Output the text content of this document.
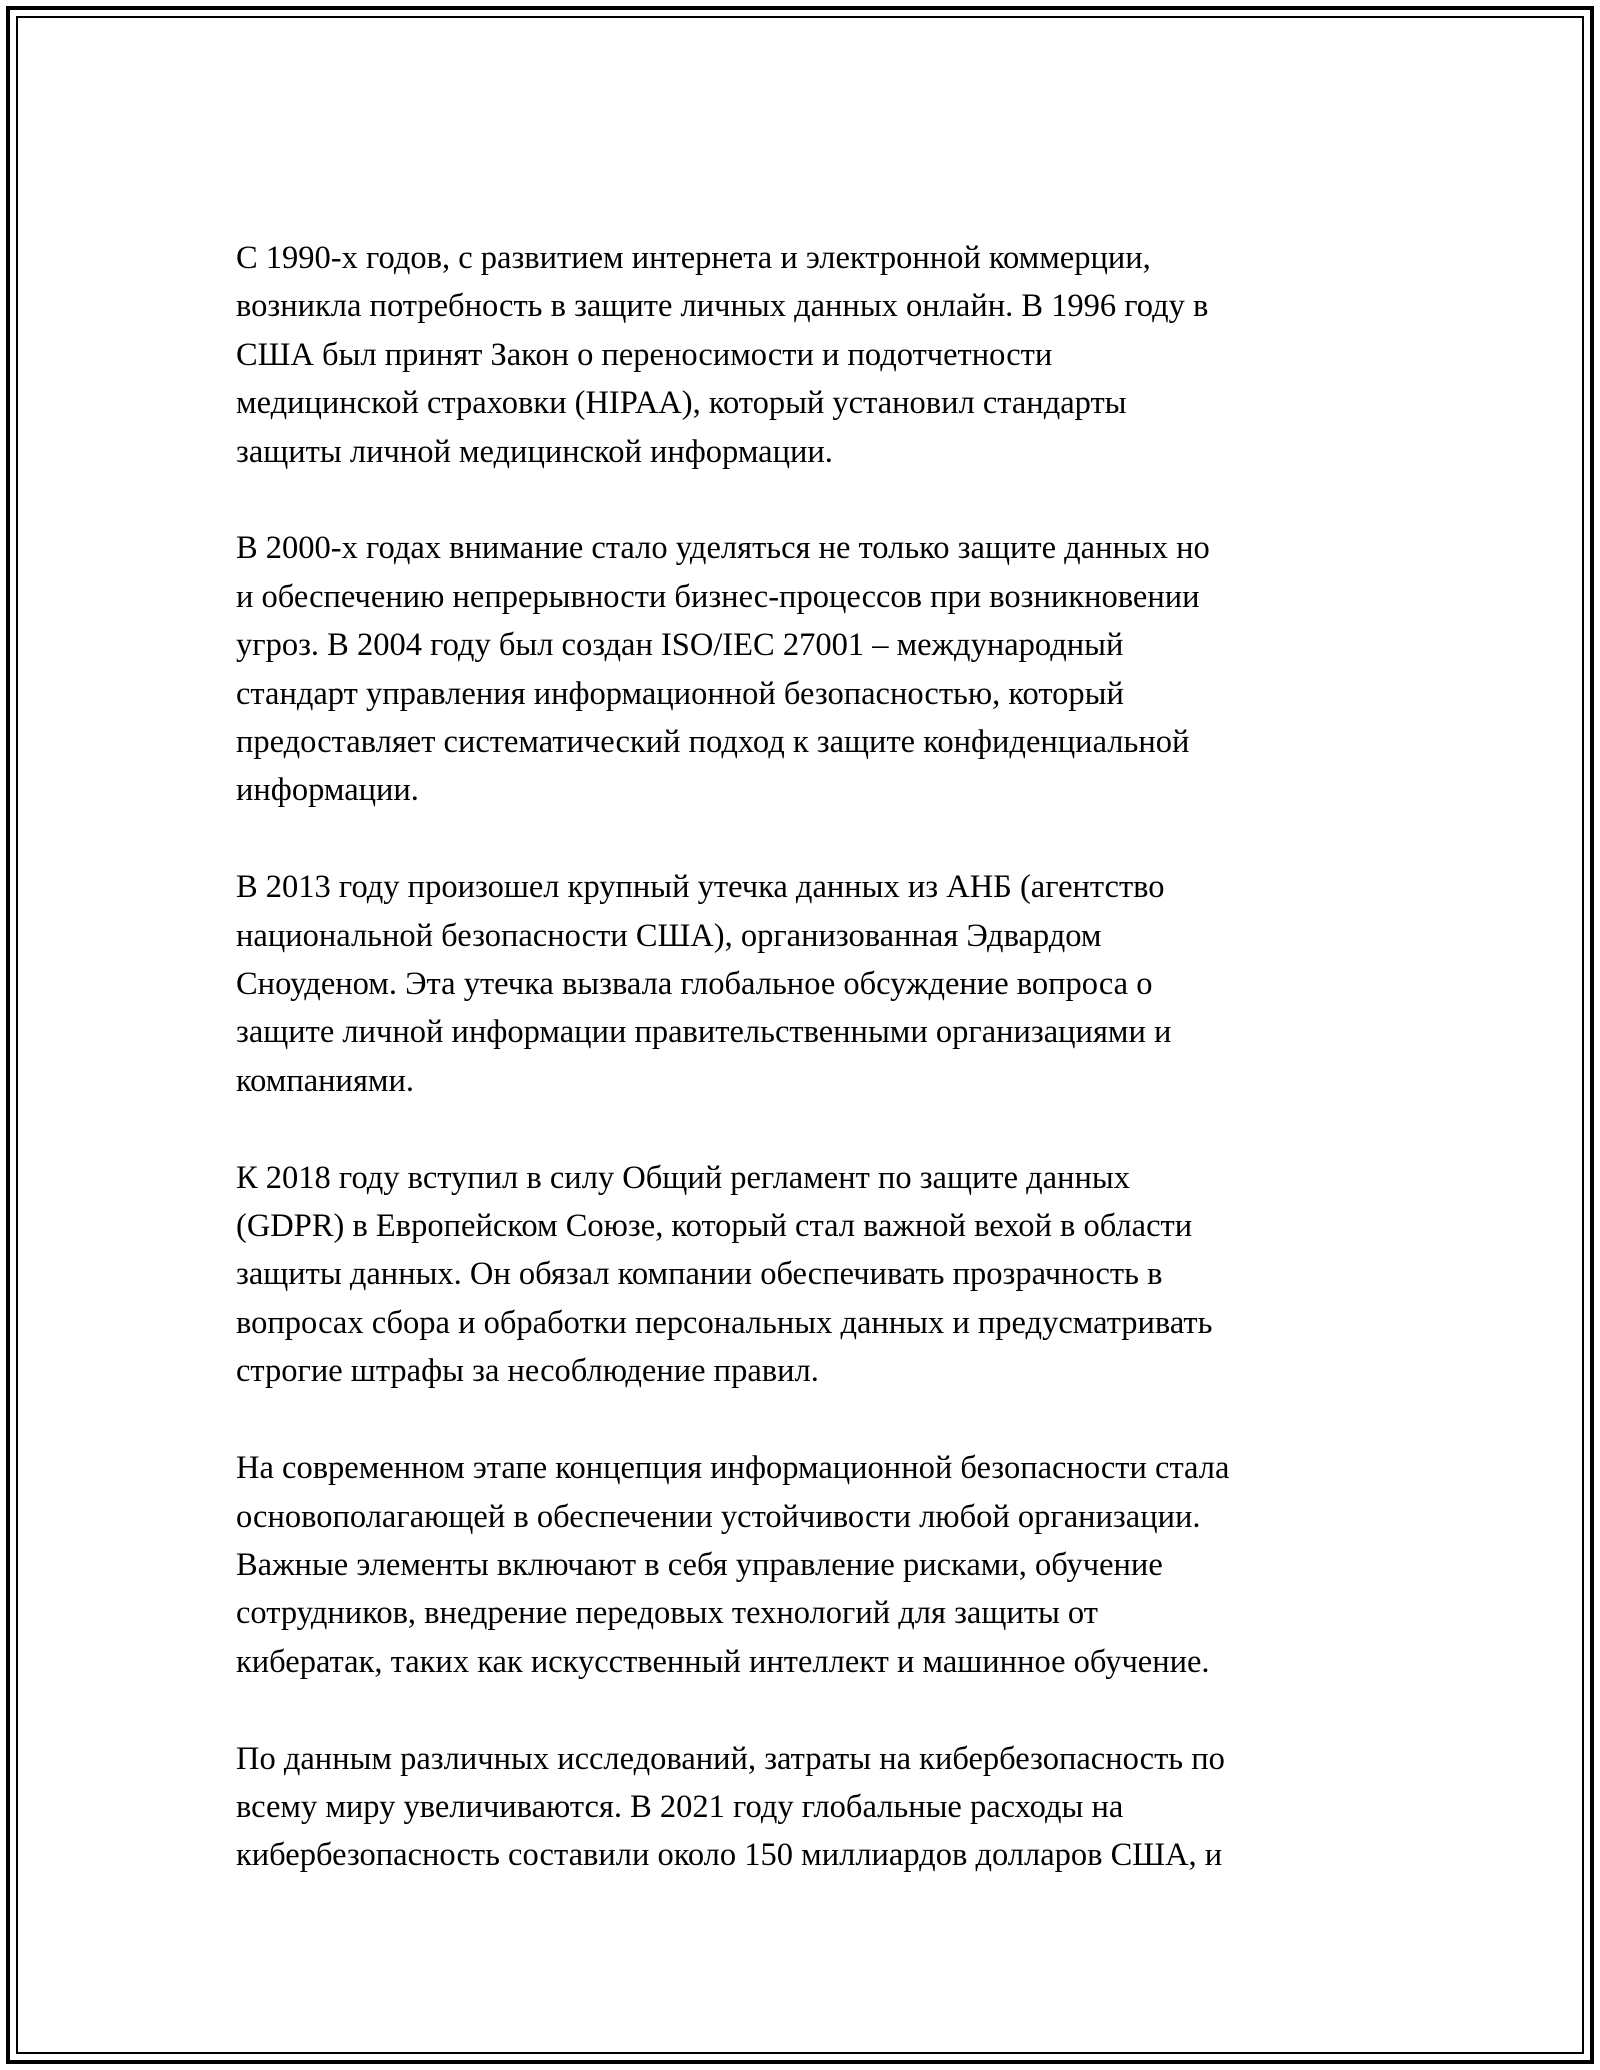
С 1990-х годов, с развитием интернета и электронной коммерции,
возникла потребность в защите личных данных онлайн. В 1996 году в
США был принят Закон о переносимости и подотчетности
медицинской страховки (HIPAA), который установил стандарты
защиты личной медицинской информации.

В 2000-х годах внимание стало уделяться не только защите данных но
и обеспечению непрерывности бизнес-процессов при возникновении
угроз. В 2004 году был создан ISO/IEC 27001 – международный
стандарт управления информационной безопасностью, который
предоставляет систематический подход к защите конфиденциальной
информации.

В 2013 году произошел крупный утечка данных из АНБ (агентство
национальной безопасности США), организованная Эдвардом
Сноуденом. Эта утечка вызвала глобальное обсуждение вопроса о
защите личной информации правительственными организациями и
компаниями.

К 2018 году вступил в силу Общий регламент по защите данных
(GDPR) в Европейском Союзе, который стал важной вехой в области
защиты данных. Он обязал компании обеспечивать прозрачность в
вопросах сбора и обработки персональных данных и предусматривать
строгие штрафы за несоблюдение правил.

На современном этапе концепция информационной безопасности стала
основополагающей в обеспечении устойчивости любой организации.
Важные элементы включают в себя управление рисками, обучение
сотрудников, внедрение передовых технологий для защиты от
кибератак, таких как искусственный интеллект и машинное обучение.

По данным различных исследований, затраты на кибербезопасность по
всему миру увеличиваются. В 2021 году глобальные расходы на
кибербезопасность составили около 150 миллиардов долларов США, и
